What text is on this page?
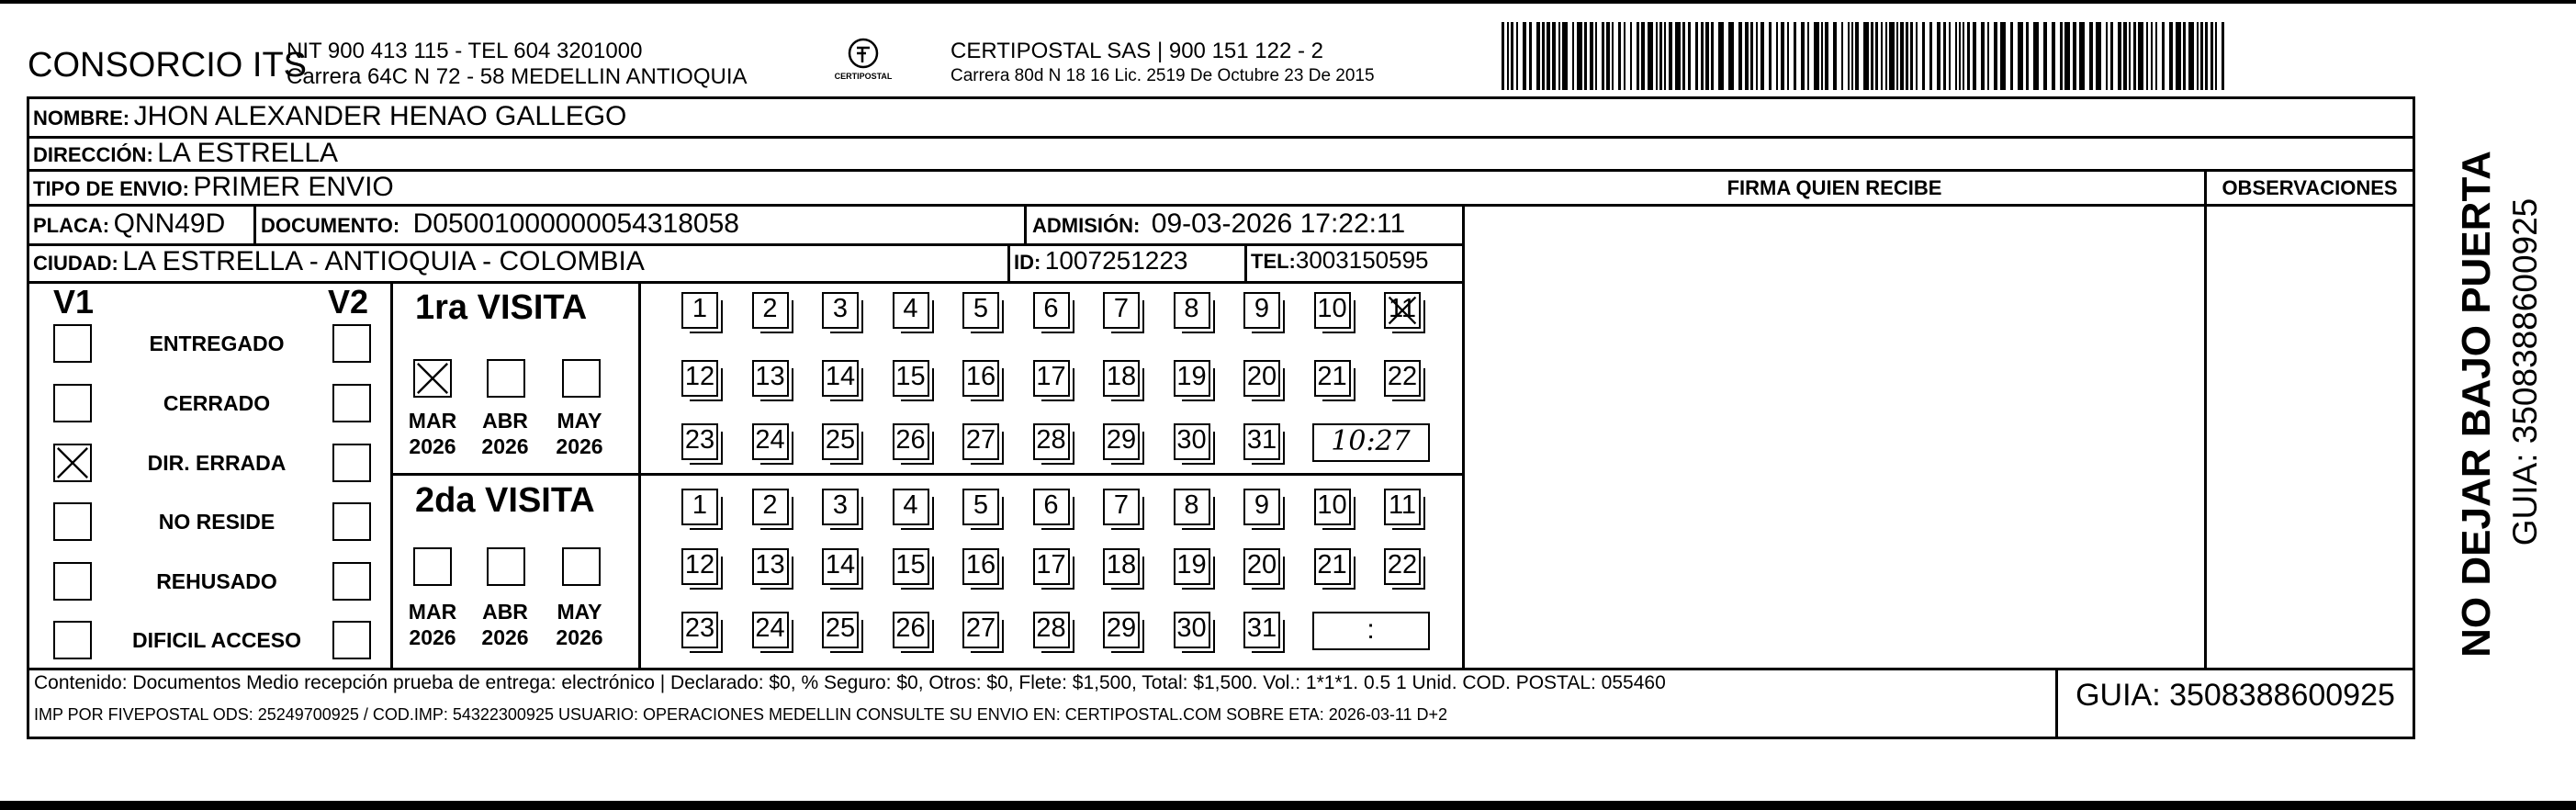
CONSORCIO ITS
NIT 900 413 115 - TEL 604 3201000
Carrera 64C N 72 - 58 MEDELLIN ANTIOQUIA	CERTIPOSTAL
CERTIPOSTAL SAS | 900 151 122 - 2
Carrera 80d N 18 16 Lic. 2519 De Octubre 23 De 2015
NOMBRE: JHON ALEXANDER HENAO GALLEGO
DIRECCIÓN: LA ESTRELLA
TIPO DE ENVIO: PRIMER ENVIO
PLACA: QNN49D DOCUMENTO: D05001000000054318058	ADMISIÓN: 09-03-2026 17:22:11
CIUDAD: LA ESTRELLA - ANTIOQUIA - COLOMBIA	ID: 1007251223	TEL:3003150595
FIRMA QUIEN RECIBE	OBSERVACIONES
V1	V2
ENTREGADO
CERRADO
DIR. ERRADA
NO RESIDE
REHUSADO
DIFICIL ACCESO
1ra VISITA
MAR
2026
ABR
2026
MAY
2026
1	2	3	4	5	6	7	8	9	10 11
12 13 14 15 16 17 18 19 20 21 22
23 24 25 26 27 28 29 30 31	10:27
2da VISITA
MAR
2026
ABR
2026
MAY
2026
1	2	3	4	5	6	7	8	9	10 11
12 13 14 15 16 17 18 19 20 21 22
23 24 25 26 27 28 29 30 31	:
Contenido: Documentos Medio recepción prueba de entrega: electrónico | Declarado: $0, % Seguro: $0, Otros: $0, Flete: $1,500, Total: $1,500. Vol.: 1*1*1. 0.5 1 Unid. COD. POSTAL: 055460
IMP POR FIVEPOSTAL ODS: 25249700925 / COD.IMP: 54322300925 USUARIO: OPERACIONES MEDELLIN CONSULTE SU ENVIO EN: CERTIPOSTAL.COM SOBRE ETA: 2026-03-11 D+2
GUIA: 3508388600925
NO DEJAR BAJO PUERTA GUIA: 3508388600925
